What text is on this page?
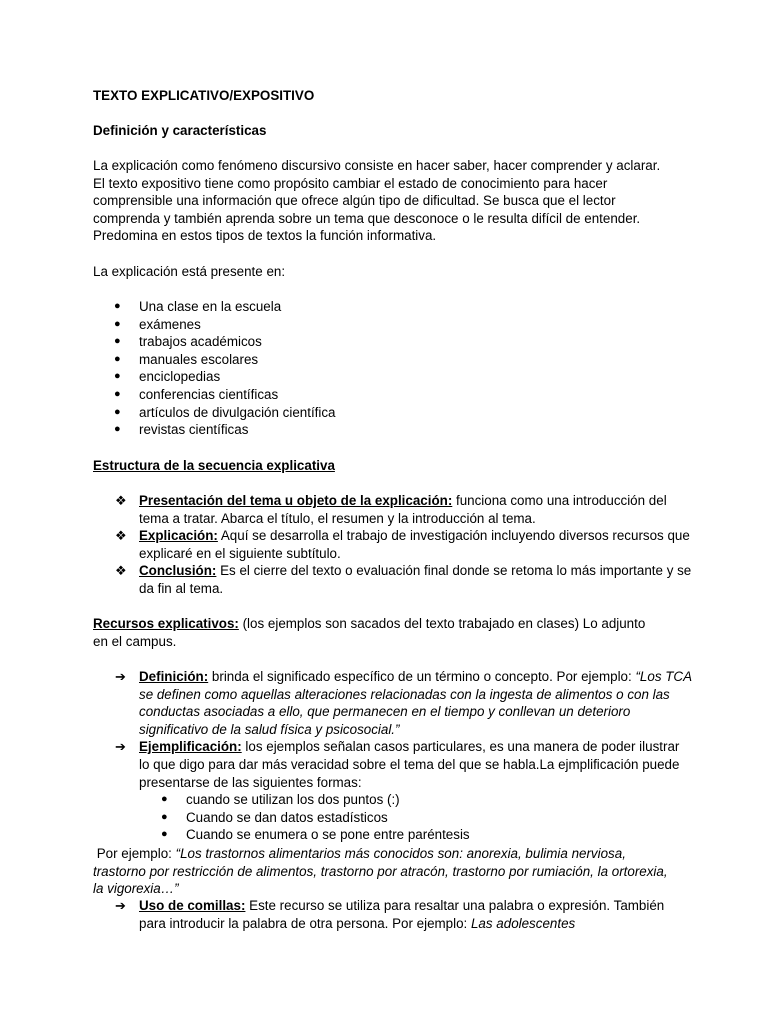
TEXTO EXPLICATIVO/EXPOSITIVO

Definición y características

La explicación como fenómeno discursivo consiste en hacer saber, hacer comprender y aclarar. El texto expositivo tiene como propósito cambiar el estado de conocimiento para hacer comprensible una información que ofrece algún tipo de dificultad. Se busca que el lector comprenda y también aprenda sobre un tema que desconoce o le resulta difícil de entender. Predomina en estos tipos de textos la función informativa.

La explicación está presente en:

● Una clase en la escuela
● exámenes
● trabajos académicos
● manuales escolares
● enciclopedias
● conferencias científicas
● artículos de divulgación científica
● revistas científicas

Estructura de la secuencia explicativa

❖ Presentación del tema u objeto de la explicación: funciona como una introducción del tema a tratar. Abarca el título, el resumen y la introducción al tema.
❖ Explicación: Aquí se desarrolla el trabajo de investigación incluyendo diversos recursos que explicaré en el siguiente subtítulo.
❖ Conclusión: Es el cierre del texto o evaluación final donde se retoma lo más importante y se da fin al tema.

Recursos explicativos: (los ejemplos son sacados del texto trabajado en clases) Lo adjunto en el campus.

➔ Definición: brinda el significado específico de un término o concepto. Por ejemplo: “Los TCA se definen como aquellas alteraciones relacionadas con la ingesta de alimentos o con las conductas asociadas a ello, que permanecen en el tiempo y conllevan un deterioro significativo de la salud física y psicosocial.”
➔ Ejemplificación: los ejemplos señalan casos particulares, es una manera de poder ilustrar lo que digo para dar más veracidad sobre el tema del que se habla.La ejmplificación puede presentarse de las siguientes formas:
● cuando se utilizan los dos puntos (:)
● Cuando se dan datos estadísticos
● Cuando se enumera o se pone entre paréntesis

Por ejemplo: “Los trastornos alimentarios más conocidos son: anorexia, bulimia nerviosa, trastorno por restricción de alimentos, trastorno por atracón, trastorno por rumiación, la ortorexia, la vigorexia…”

➔ Uso de comillas: Este recurso se utiliza para resaltar una palabra o expresión. También para introducir la palabra de otra persona. Por ejemplo: Las adolescentes
